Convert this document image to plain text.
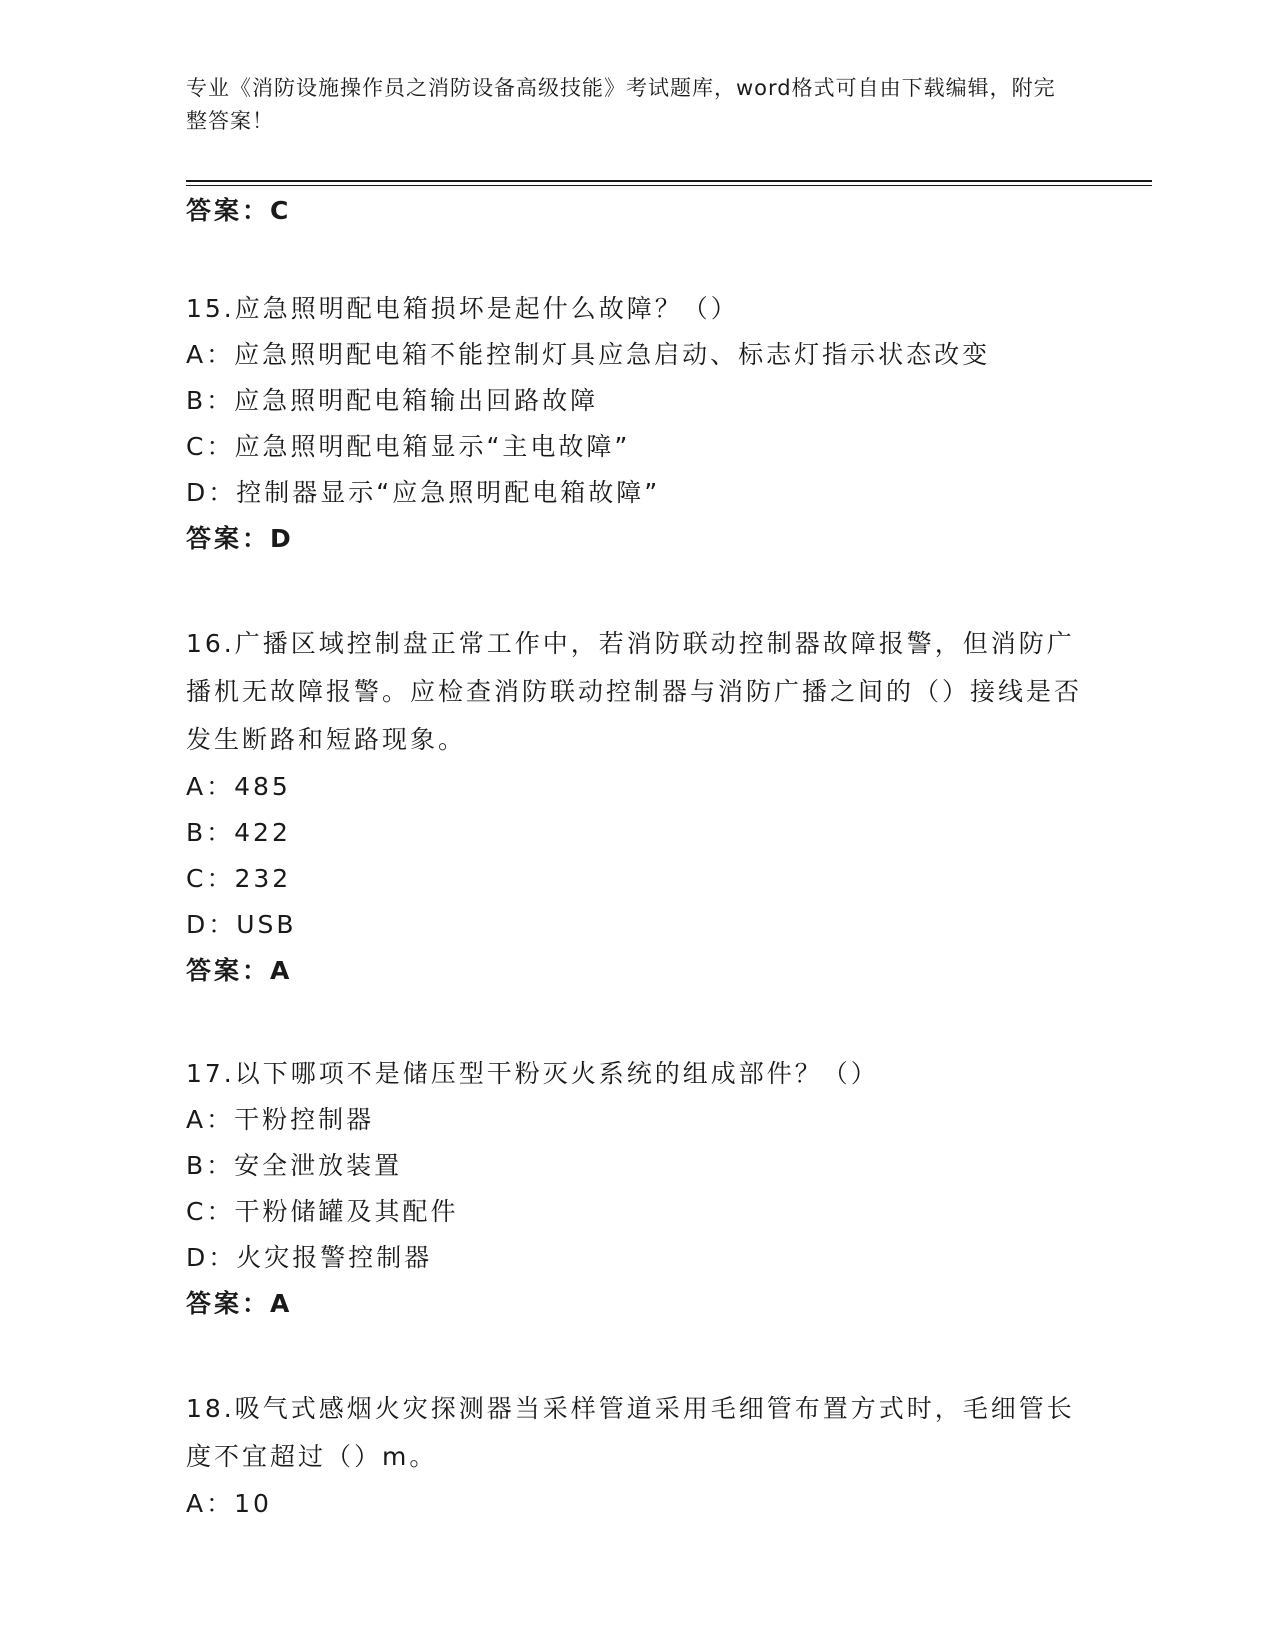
专业《消防设施操作员之消防设备高级技能》考试题库，word格式可自由下载编辑，附完整答案！
答案：C
15.应急照明配电箱损坏是起什么故障？（）
A：应急照明配电箱不能控制灯具应急启动、标志灯指示状态改变
B：应急照明配电箱输出回路故障
C：应急照明配电箱显示“主电故障”
D：控制器显示“应急照明配电箱故障”
答案：D
16.广播区域控制盘正常工作中，若消防联动控制器故障报警，但消防广播机无故障报警。应检查消防联动控制器与消防广播之间的（）接线是否发生断路和短路现象。
A：485
B：422
C：232
D：USB
答案：A
17.以下哪项不是储压型干粉灭火系统的组成部件？（）
A：干粉控制器
B：安全泄放装置
C：干粉储罐及其配件
D：火灾报警控制器
答案：A
18.吸气式感烟火灾探测器当采样管道采用毛细管布置方式时，毛细管长度不宜超过（）m。
A：10
